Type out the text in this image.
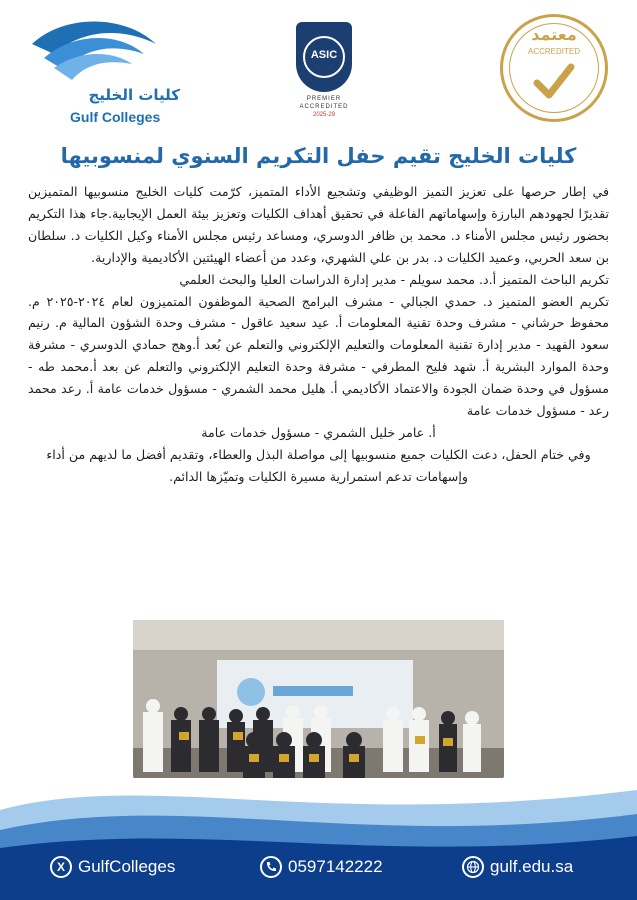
كليات الخليج
Gulf Colleges
ASIC
PREMIER
ACCREDITED
2025-29
معتمد
ACCREDITED
كليات الخليج تقيم حفل التكريم السنوي لمنسوبيها

في إطار حرصها على تعزيز التميز الوظيفي وتشجيع الأداء المتميز، كرّمت كليات الخليج منسوبيها المتميزين تقديرًا لجهودهم البارزة وإسهاماتهم الفاعلة في تحقيق أهداف الكليات وتعزيز بيئة العمل الإيجابية.جاء هذا التكريم بحضور رئيس مجلس الأمناء د. محمد بن ظافر الدوسري، ومساعد رئيس مجلس الأمناء وكيل الكليات د. سلطان بن سعد الحربي، وعميد الكليات د. بدر بن علي الشهري، وعدد من أعضاء الهيئتين الأكاديمية والإدارية.

تكريم الباحث المتميز أ.د. محمد سويلم - مدير إدارة الدراسات العليا والبحث العلمي

تكريم العضو المتميز د. حمدي الجبالي - مشرف البرامج الصحية الموظفون المتميزون لعام ٢٠٢٤-٢٠٢٥ م. محفوظ حرشاني - مشرف وحدة تقنية المعلومات أ. عيد سعيد عاقول - مشرف وحدة الشؤون المالية م. رنيم سعود الفهيد - مدير إدارة تقنية المعلومات والتعليم الإلكتروني والتعلم عن بُعد أ.وهج حمادي الدوسري - مشرفة وحدة الموارد البشرية أ. شهد فليح المطرفي - مشرفة وحدة التعليم الإلكتروني والتعلم عن بعد أ.محمد طه - مسؤول في وحدة ضمان الجودة والاعتماد الأكاديمي أ. هليل محمد الشمري - مسؤول خدمات عامة أ. رعد محمد رعد - مسؤول خدمات عامة

أ. عامر خليل الشمري - مسؤول خدمات عامة

وفي ختام الحفل، دعت الكليات جميع منسوبيها إلى مواصلة البذل والعطاء، وتقديم أفضل ما لديهم من أداء وإسهامات تدعم استمرارية مسيرة الكليات وتميّزها الدائم.

X GulfColleges	0597142222	gulf.edu.sa
